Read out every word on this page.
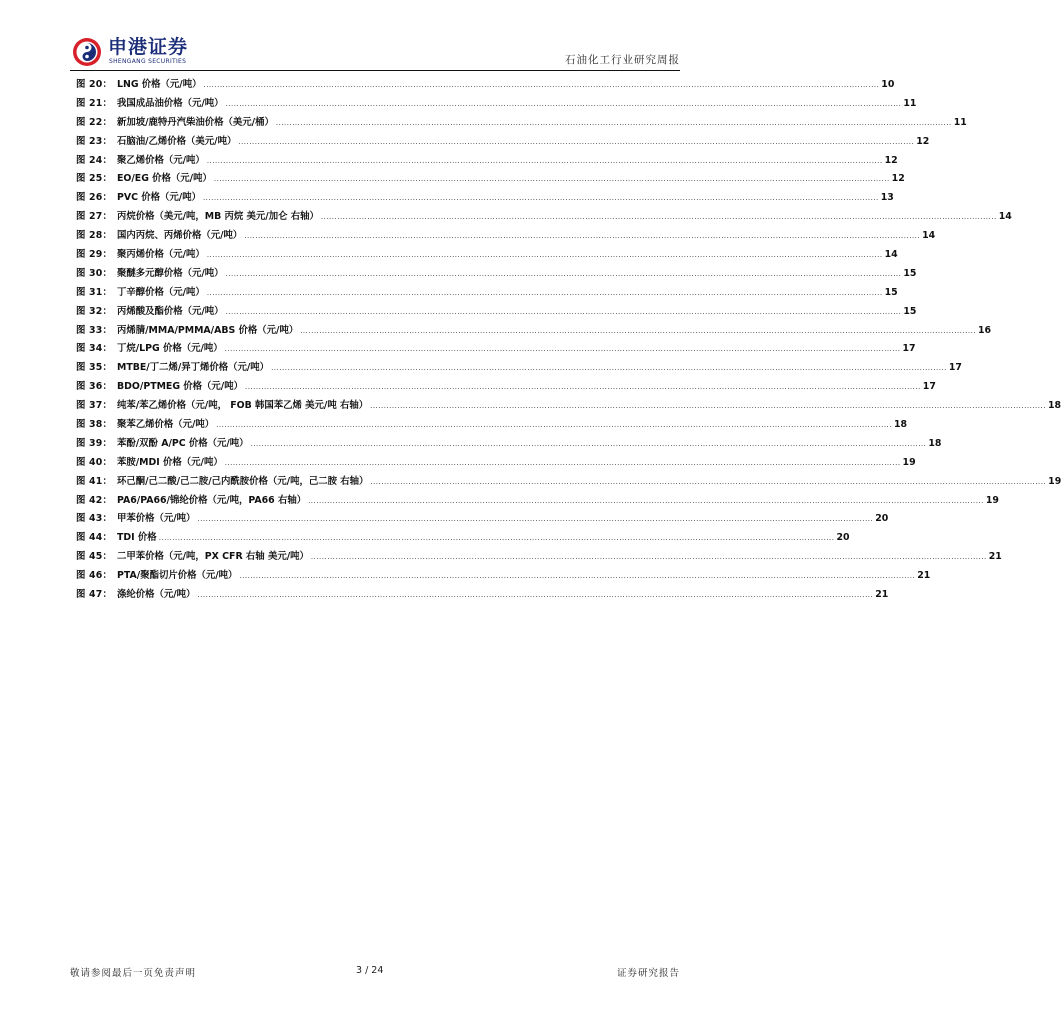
申港证券
SHENGANG SECURITIES	石油化工行业研究周报
图 20： LNG 价格（元/吨） .....	10
图 21： 我国成品油价格（元/吨） .....	11
图 22： 新加坡/鹿特丹汽柴油价格（美元/桶） .....	11
图 23： 石脑油/乙烯价格（美元/吨） .....	12
图 24： 聚乙烯价格（元/吨） .....	12
图 25： EO/EG 价格（元/吨） .....	12
图 26： PVC 价格（元/吨） .....	13
图 27： 丙烷价格（美元/吨，MB 丙烷 美元/加仑 右轴） .....	14
图 28： 国内丙烷、丙烯价格（元/吨） .....	14
图 29： 聚丙烯价格（元/吨） .....	14
图 30： 聚醚多元醇价格（元/吨） .....	15
图 31： 丁辛醇价格（元/吨） .....	15
图 32： 丙烯酸及酯价格（元/吨） .....	15
图 33： 丙烯腈/MMA/PMMA/ABS 价格（元/吨） .....	16
图 34： 丁烷/LPG 价格（元/吨） .....	17
图 35： MTBE/丁二烯/异丁烯价格（元/吨） .....	17
图 36： BDO/PTMEG 价格（元/吨） .....	17
图 37： 纯苯/苯乙烯价格（元/吨， FOB 韩国苯乙烯 美元/吨 右轴） .....	18
图 38： 聚苯乙烯价格（元/吨） .....	18
图 39： 苯酚/双酚 A/PC 价格（元/吨） .....	18
图 40： 苯胺/MDI 价格（元/吨） .....	19
图 41： 环己酮/己二酸/己二胺/己内酰胺价格（元/吨，己二胺 右轴） .....	19
图 42： PA6/PA66/锦纶价格（元/吨，PA66 右轴） .....	19
图 43： 甲苯价格（元/吨） .....	20
图 44： TDI 价格 .....	20
图 45： 二甲苯价格（元/吨，PX CFR 右轴 美元/吨） .....	21
图 46： PTA/聚酯切片价格（元/吨） .....	21
图 47： 涤纶价格（元/吨） .....	21
敬请参阅最后一页免责声明	3 / 24	证券研究报告
